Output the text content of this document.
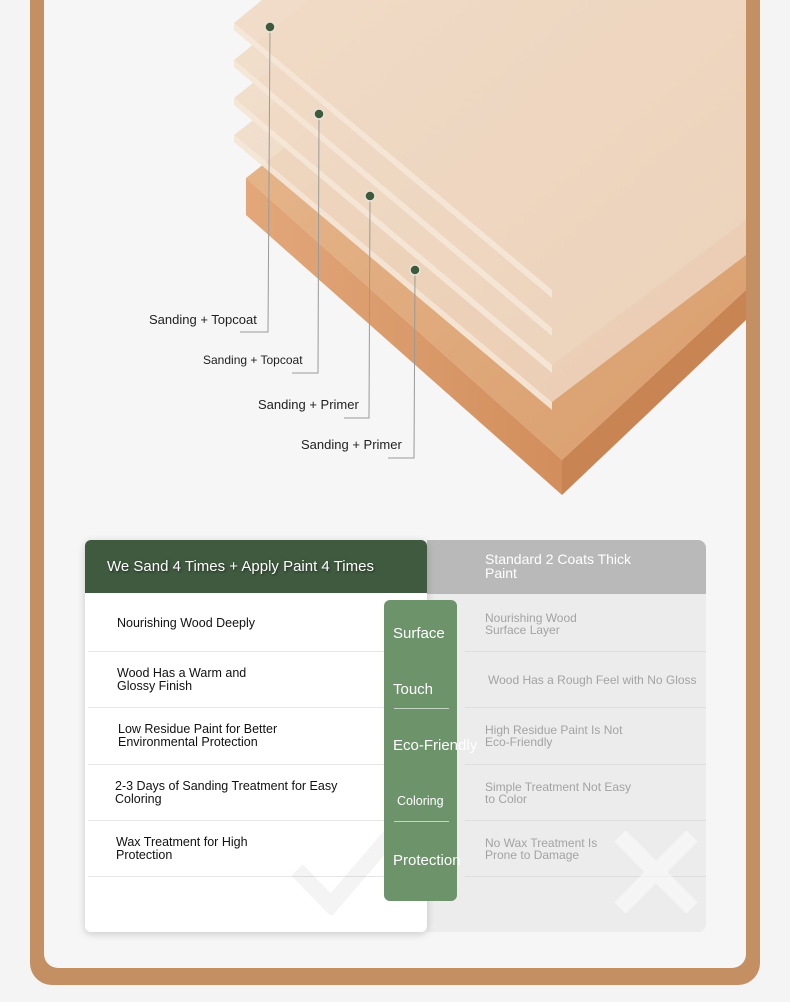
Sanding + Topcoat
Sanding + Topcoat
Sanding + Primer
Sanding + Primer
Standard 2 Coats Thick Paint
Nourishing Wood Surface Layer
Wood Has a Rough Feel with No Gloss
High Residue Paint Is Not Eco-Friendly
Simple Treatment Not Easy to Color
No Wax Treatment Is Prone to Damage
We Sand 4 Times + Apply Paint 4 Times
Nourishing Wood Deeply
Wood Has a Warm and Glossy Finish
Low Residue Paint for Better Environmental Protection
2-3 Days of Sanding Treatment for Easy Coloring
Wax Treatment for High Protection
Surface
Touch
Eco-Friendly
Coloring
Protection
